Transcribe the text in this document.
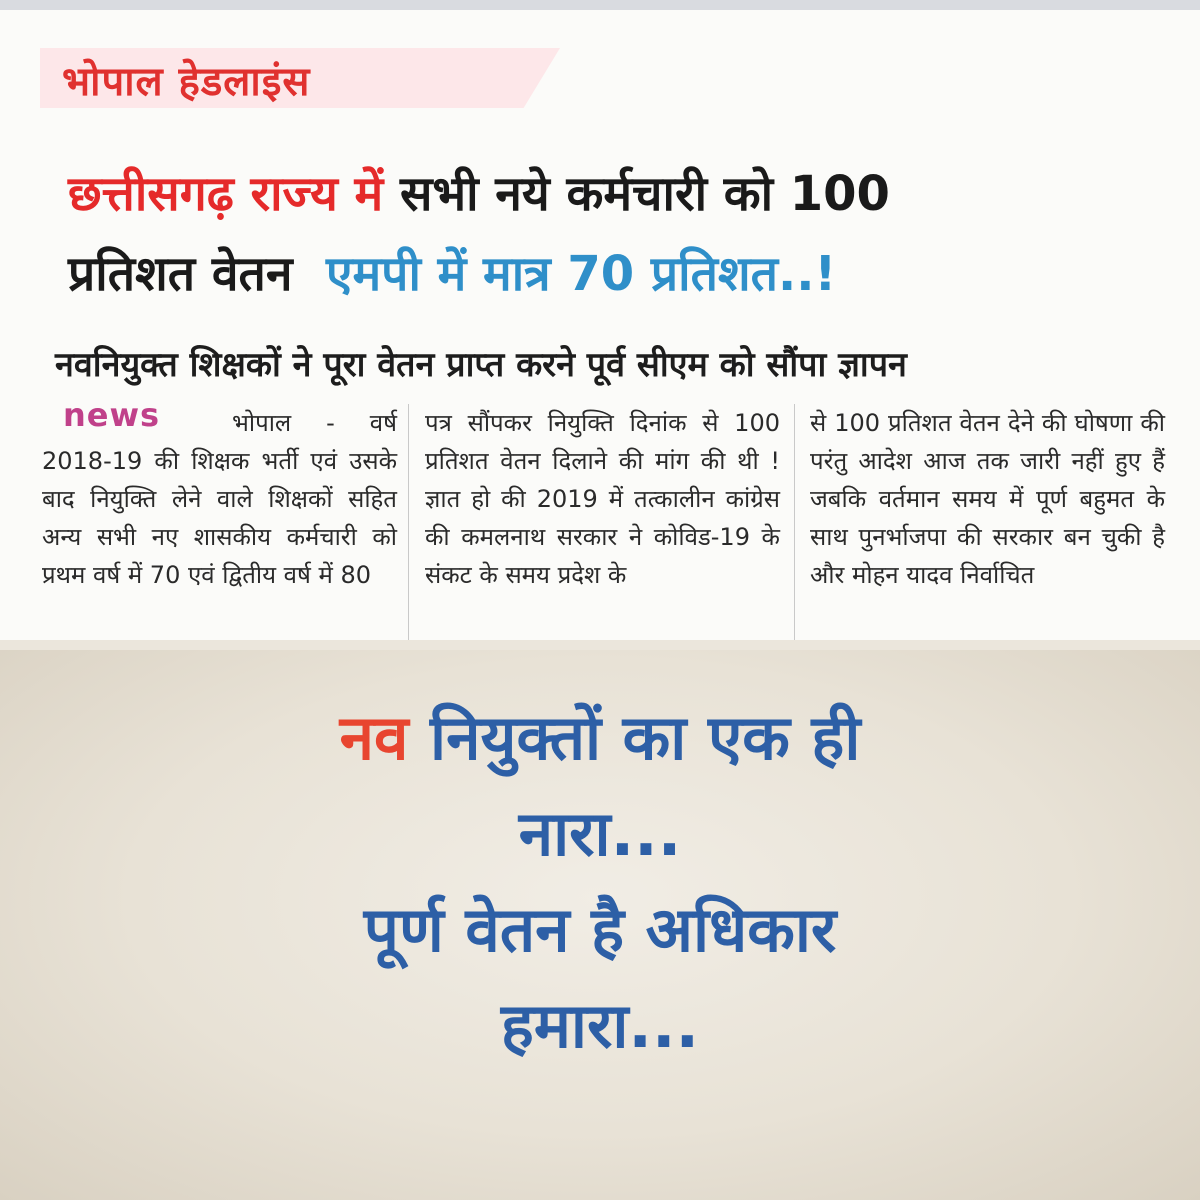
भोपाल हेडलाइंस
छत्तीसगढ़ राज्य में सभी नये कर्मचारी को 100
प्रतिशत वेतन एमपी में मात्र 70 प्रतिशत..!
नवनियुक्त शिक्षकों ने पूरा वेतन प्राप्त करने पूर्व सीएम को सौंपा ज्ञापन
news	भोपाल - वर्ष 2018-19 की शिक्षक भर्ती एवं उसके बाद नियुक्ति लेने वाले शिक्षकों सहित अन्य सभी नए शासकीय कर्मचारी को प्रथम वर्ष में 70 एवं द्वितीय वर्ष में 80

पत्र सौंपकर नियुक्ति दिनांक से 100 प्रतिशत वेतन दिलाने की मांग की थी ! ज्ञात हो की 2019 में तत्कालीन कांग्रेस की कमलनाथ सरकार ने कोविड-19 के संकट के समय प्रदेश के

से 100 प्रतिशत वेतन देने की घोषणा की परंतु आदेश आज तक जारी नहीं हुए हैं जबकि वर्तमान समय में पूर्ण बहुमत के साथ पुनर्भाजपा की सरकार बन चुकी है और मोहन यादव निर्वाचित

नव नियुक्तों का एक ही
नारा...
पूर्ण वेतन है अधिकार
हमारा...
